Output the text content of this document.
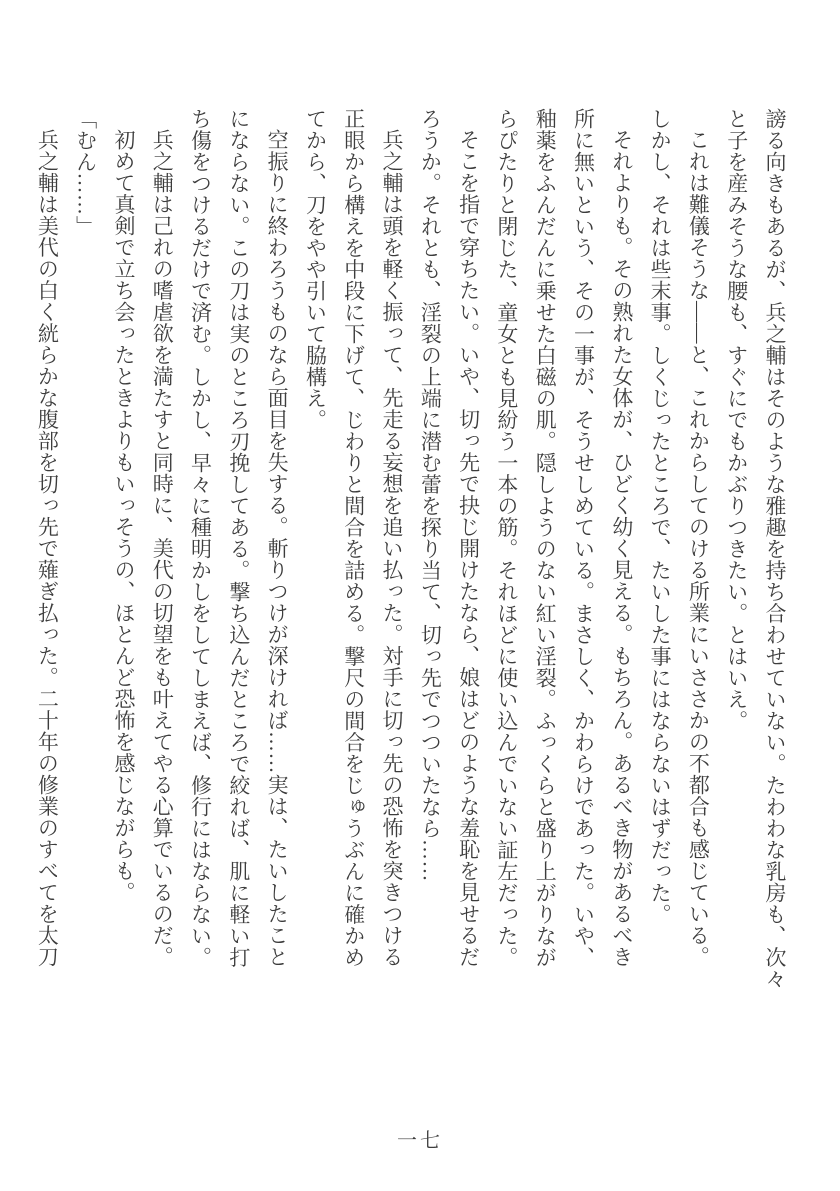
謗る向きもあるが、兵之輔はそのような雅趣を持ち合わせていない。たわわな乳房も、次々
と子を産みそうな腰も、すぐにでもかぶりつきたい。とはいえ。
これは難儀そうな――と、これからしてのける所業にいささかの不都合も感じている。
しかし、それは些末事。しくじったところで、たいした事にはならないはずだった。
それよりも。その熟れた女体が、ひどく幼く見える。もちろん。あるべき物があるべき
所に無いという、その一事が、そうせしめている。まさしく、かわらけであった。いや、
釉薬をふんだんに乗せた白磁の肌。隠しようのない紅い淫裂。ふっくらと盛り上がりなが
らぴたりと閉じた、童女とも見紛う一本の筋。それほどに使い込んでいない証左だった。
そこを指で穿ちたい。いや、切っ先で抉じ開けたなら、娘はどのような羞恥を見せるだ
ろうか。それとも、淫裂の上端に潜む蕾を探り当て、切っ先でつついたなら……
兵之輔は頭を軽く振って、先走る妄想を追い払った。対手に切っ先の恐怖を突きつける
正眼から構えを中段に下げて、じわりと間合を詰める。撃尺の間合をじゅうぶんに確かめ
てから、刀をやや引いて脇構え。
空振りに終わろうものなら面目を失する。斬りつけが深ければ……実は、たいしたこと
にならない。この刀は実のところ刃挽してある。撃ち込んだところで絞れば、肌に軽い打
ち傷をつけるだけで済む。しかし、早々に種明かしをしてしまえば、修行にはならない。
兵之輔は己れの嗜虐欲を満たすと同時に、美代の切望をも叶えてやる心算でいるのだ。
初めて真剣で立ち会ったときよりもいっそうの、ほとんど恐怖を感じながらも。
「むん……」
兵之輔は美代の白く絖らかな腹部を切っ先で薙ぎ払った。二十年の修業のすべてを太刀
一七
